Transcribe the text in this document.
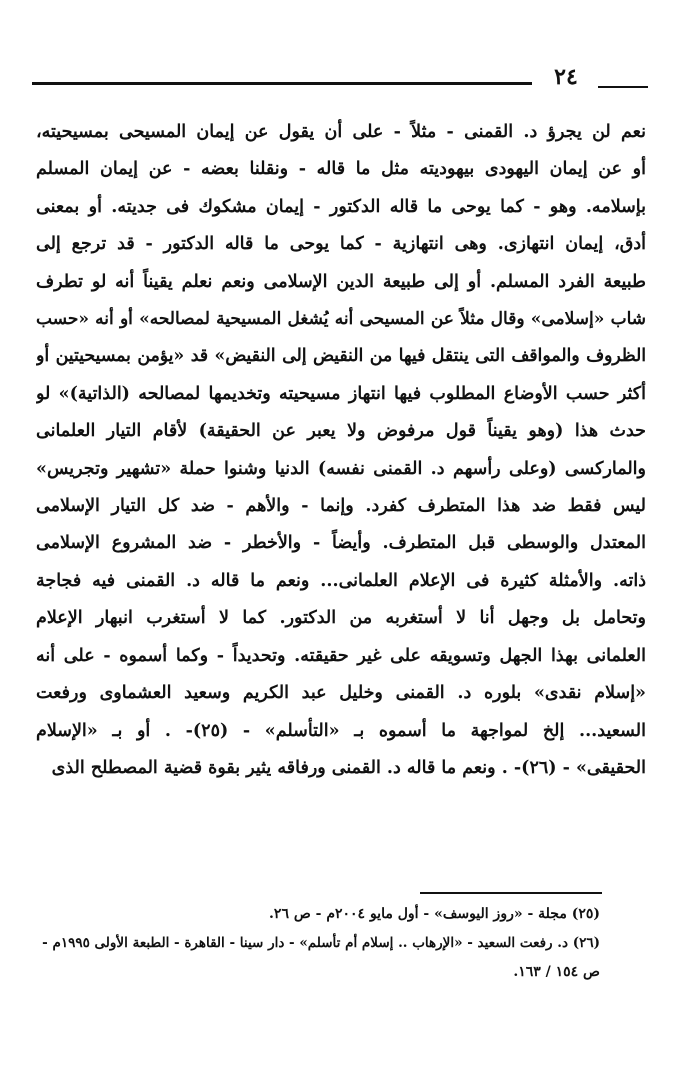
٢٤
نعم لن يجرؤ د. القمنى - مثلاً - على أن يقول عن إيمان المسيحى بمسيحيته،
أو عن إيمان اليهودى بيهوديته مثل ما قاله - ونقلنا بعضه - عن إيمان المسلم
بإسلامه. وهو - كما يوحى ما قاله الدكتور - إيمان مشكوك فى جديته. أو بمعنى
أدق، إيمان انتهازى. وهى انتهازية - كما يوحى ما قاله الدكتور - قد ترجع إلى
طبيعة الفرد المسلم. أو إلى طبيعة الدين الإسلامى ونعم نعلم يقيناً أنه لو تطرف
شاب «إسلامى» وقال مثلاً عن المسيحى أنه يُشغل المسيحية لمصالحه» أو أنه «حسب
الظروف والمواقف التى ينتقل فيها من النقيض إلى النقيض» قد «يؤمن بمسيحيتين أو
أكثر حسب الأوضاع المطلوب فيها انتهاز مسيحيته وتخديمها لمصالحه (الذاتية)» لو
حدث هذا (وهو يقيناً قول مرفوض ولا يعبر عن الحقيقة) لأقام التيار العلمانى
والماركسى (وعلى رأسهم د. القمنى نفسه) الدنيا وشنوا حملة «تشهير وتجريس»
ليس فقط ضد هذا المتطرف كفرد. وإنما - والأهم - ضد كل التيار الإسلامى
المعتدل والوسطى قبل المتطرف. وأيضاً - والأخطر - ضد المشروع الإسلامى
ذاته. والأمثلة كثيرة فى الإعلام العلمانى... ونعم ما قاله د. القمنى فيه فجاجة
وتحامل بل وجهل أنا لا أستغربه من الدكتور. كما لا أستغرب انبهار الإعلام
العلمانى بهذا الجهل وتسويقه على غير حقيقته. وتحديداً - وكما أسموه - على أنه
«إسلام نقدى» بلوره د. القمنى وخليل عبد الكريم وسعيد العشماوى ورفعت
السعيد... إلخ لمواجهة ما أسموه بـ «التأسلم» - (٢٥)- . أو بـ «الإسلام
الحقيقى» - (٢٦)- . ونعم ما قاله د. القمنى ورفاقه يثير بقوة قضية المصطلح الذى
(٢٥) مجلة - «روز اليوسف» - أول مايو ٢٠٠٤م - ص ٢٦.
(٢٦) د. رفعت السعيد - «الإرهاب .. إسلام أم تأسلم» - دار سينا - القاهرة - الطبعة الأولى ١٩٩٥م -
ص ١٥٤ / ١٦٣.
